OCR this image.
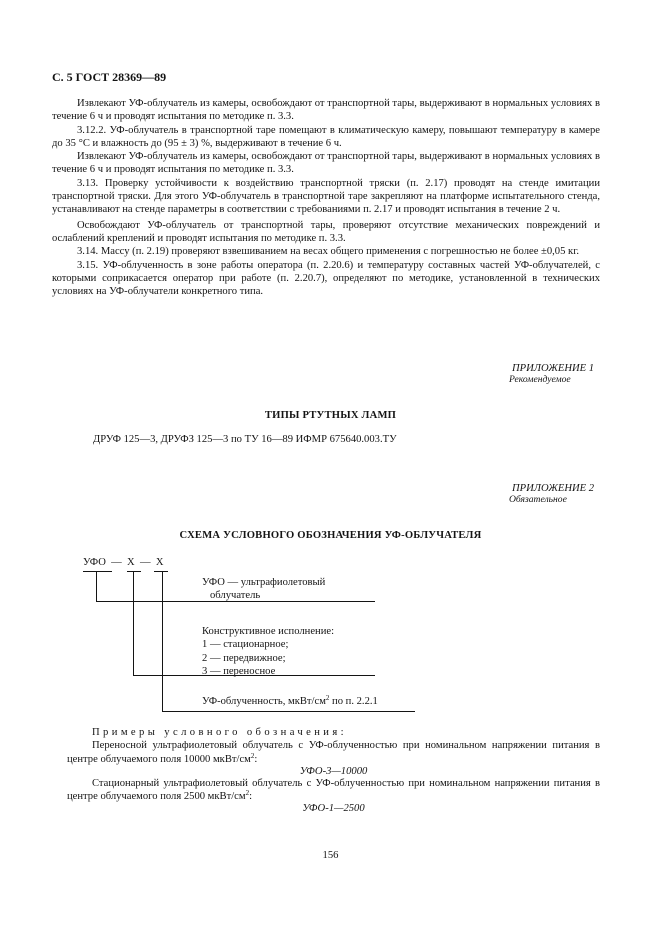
С. 5 ГОСТ 28369—89
Извлекают УФ-облучатель из камеры, освобождают от транспортной тары, выдерживают в нормальных условиях в течение 6 ч и проводят испытания по методике п. 3.3.
3.12.2. УФ-облучатель в транспортной таре помещают в климатическую камеру, повышают температуру в камере до 35 °С и влажность до (95 ± 3) %, выдерживают в течение 6 ч.
Извлекают УФ-облучатель из камеры, освобождают от транспортной тары, выдерживают в нормальных условиях в течение 6 ч и проводят испытания по методике п. 3.3.
3.13. Проверку устойчивости к воздействию транспортной тряски (п. 2.17) проводят на стенде имитации транспортной тряски. Для этого УФ-облучатель в транспортной таре закрепляют на платформе испытательного стенда, устанавливают на стенде параметры в соответствии с требованиями п. 2.17 и проводят испытания в течение 2 ч.
Освобождают УФ-облучатель от транспортной тары, проверяют отсутствие механических повреждений и ослаблений креплений и проводят испытания по методике п. 3.3.
3.14. Массу (п. 2.19) проверяют взвешиванием на весах общего применения с погрешностью не более ±0,05 кг.
3.15. УФ-облученность в зоне работы оператора (п. 2.20.6) и температуру составных частей УФ-облучателей, с которыми соприкасается оператор при работе (п. 2.20.7), определяют по методике, установленной в технических условиях на УФ-облучатели конкретного типа.
ПРИЛОЖЕНИЕ 1
Рекомендуемое
ТИПЫ РТУТНЫХ ЛАМП
ДРУФ 125—3, ДРУФЗ 125—3 по ТУ 16—89 ИФМР 675640.003.ТУ
ПРИЛОЖЕНИЕ 2
Обязательное
СХЕМА УСЛОВНОГО ОБОЗНАЧЕНИЯ УФ-ОБЛУЧАТЕЛЯ
УФО  —  Х  —  Х
УФО — ультрафиолетовый
облучатель
Конструктивное исполнение:
1 — стационарное;
2 — передвижное;
3 — переносное
УФ-облученность, мкВт/$см^2$ по п. 2.2.1
Примеры условного обозначения:
Переносной ультрафиолетовый облучатель с УФ-облученностью при номинальном напряжении питания в центре облучаемого поля 10000 мкВт/$см^2$:
УФО-3—10000
Стационарный ультрафиолетовый облучатель с УФ-облученностью при номинальном напряжении питания в центре облучаемого поля 2500 мкВт/$см^2$:
УФО-1—2500
156
